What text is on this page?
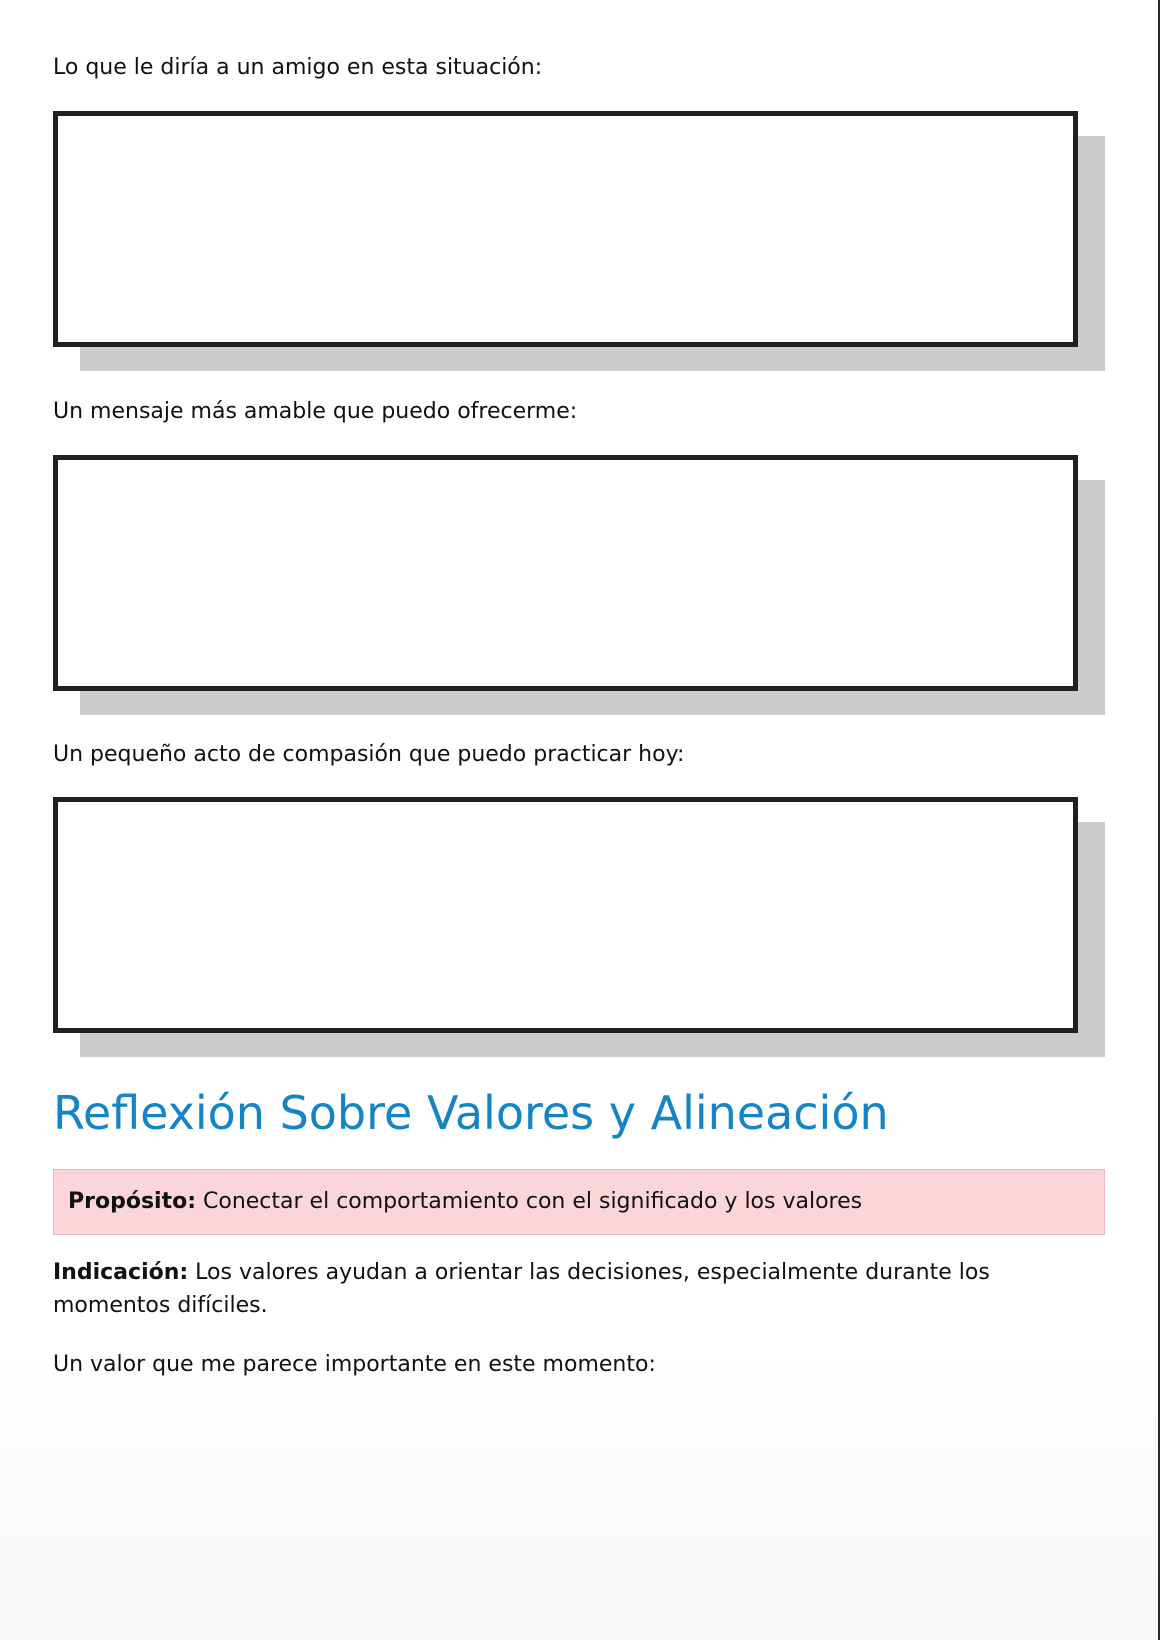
Lo que le diría a un amigo en esta situación:
Un mensaje más amable que puedo ofrecerme:
Un pequeño acto de compasión que puedo practicar hoy:
Reflexión Sobre Valores y Alineación
Propósito: Conectar el comportamiento con el significado y los valores
Indicación: Los valores ayudan a orientar las decisiones, especialmente durante los momentos difíciles.
Un valor que me parece importante en este momento:
